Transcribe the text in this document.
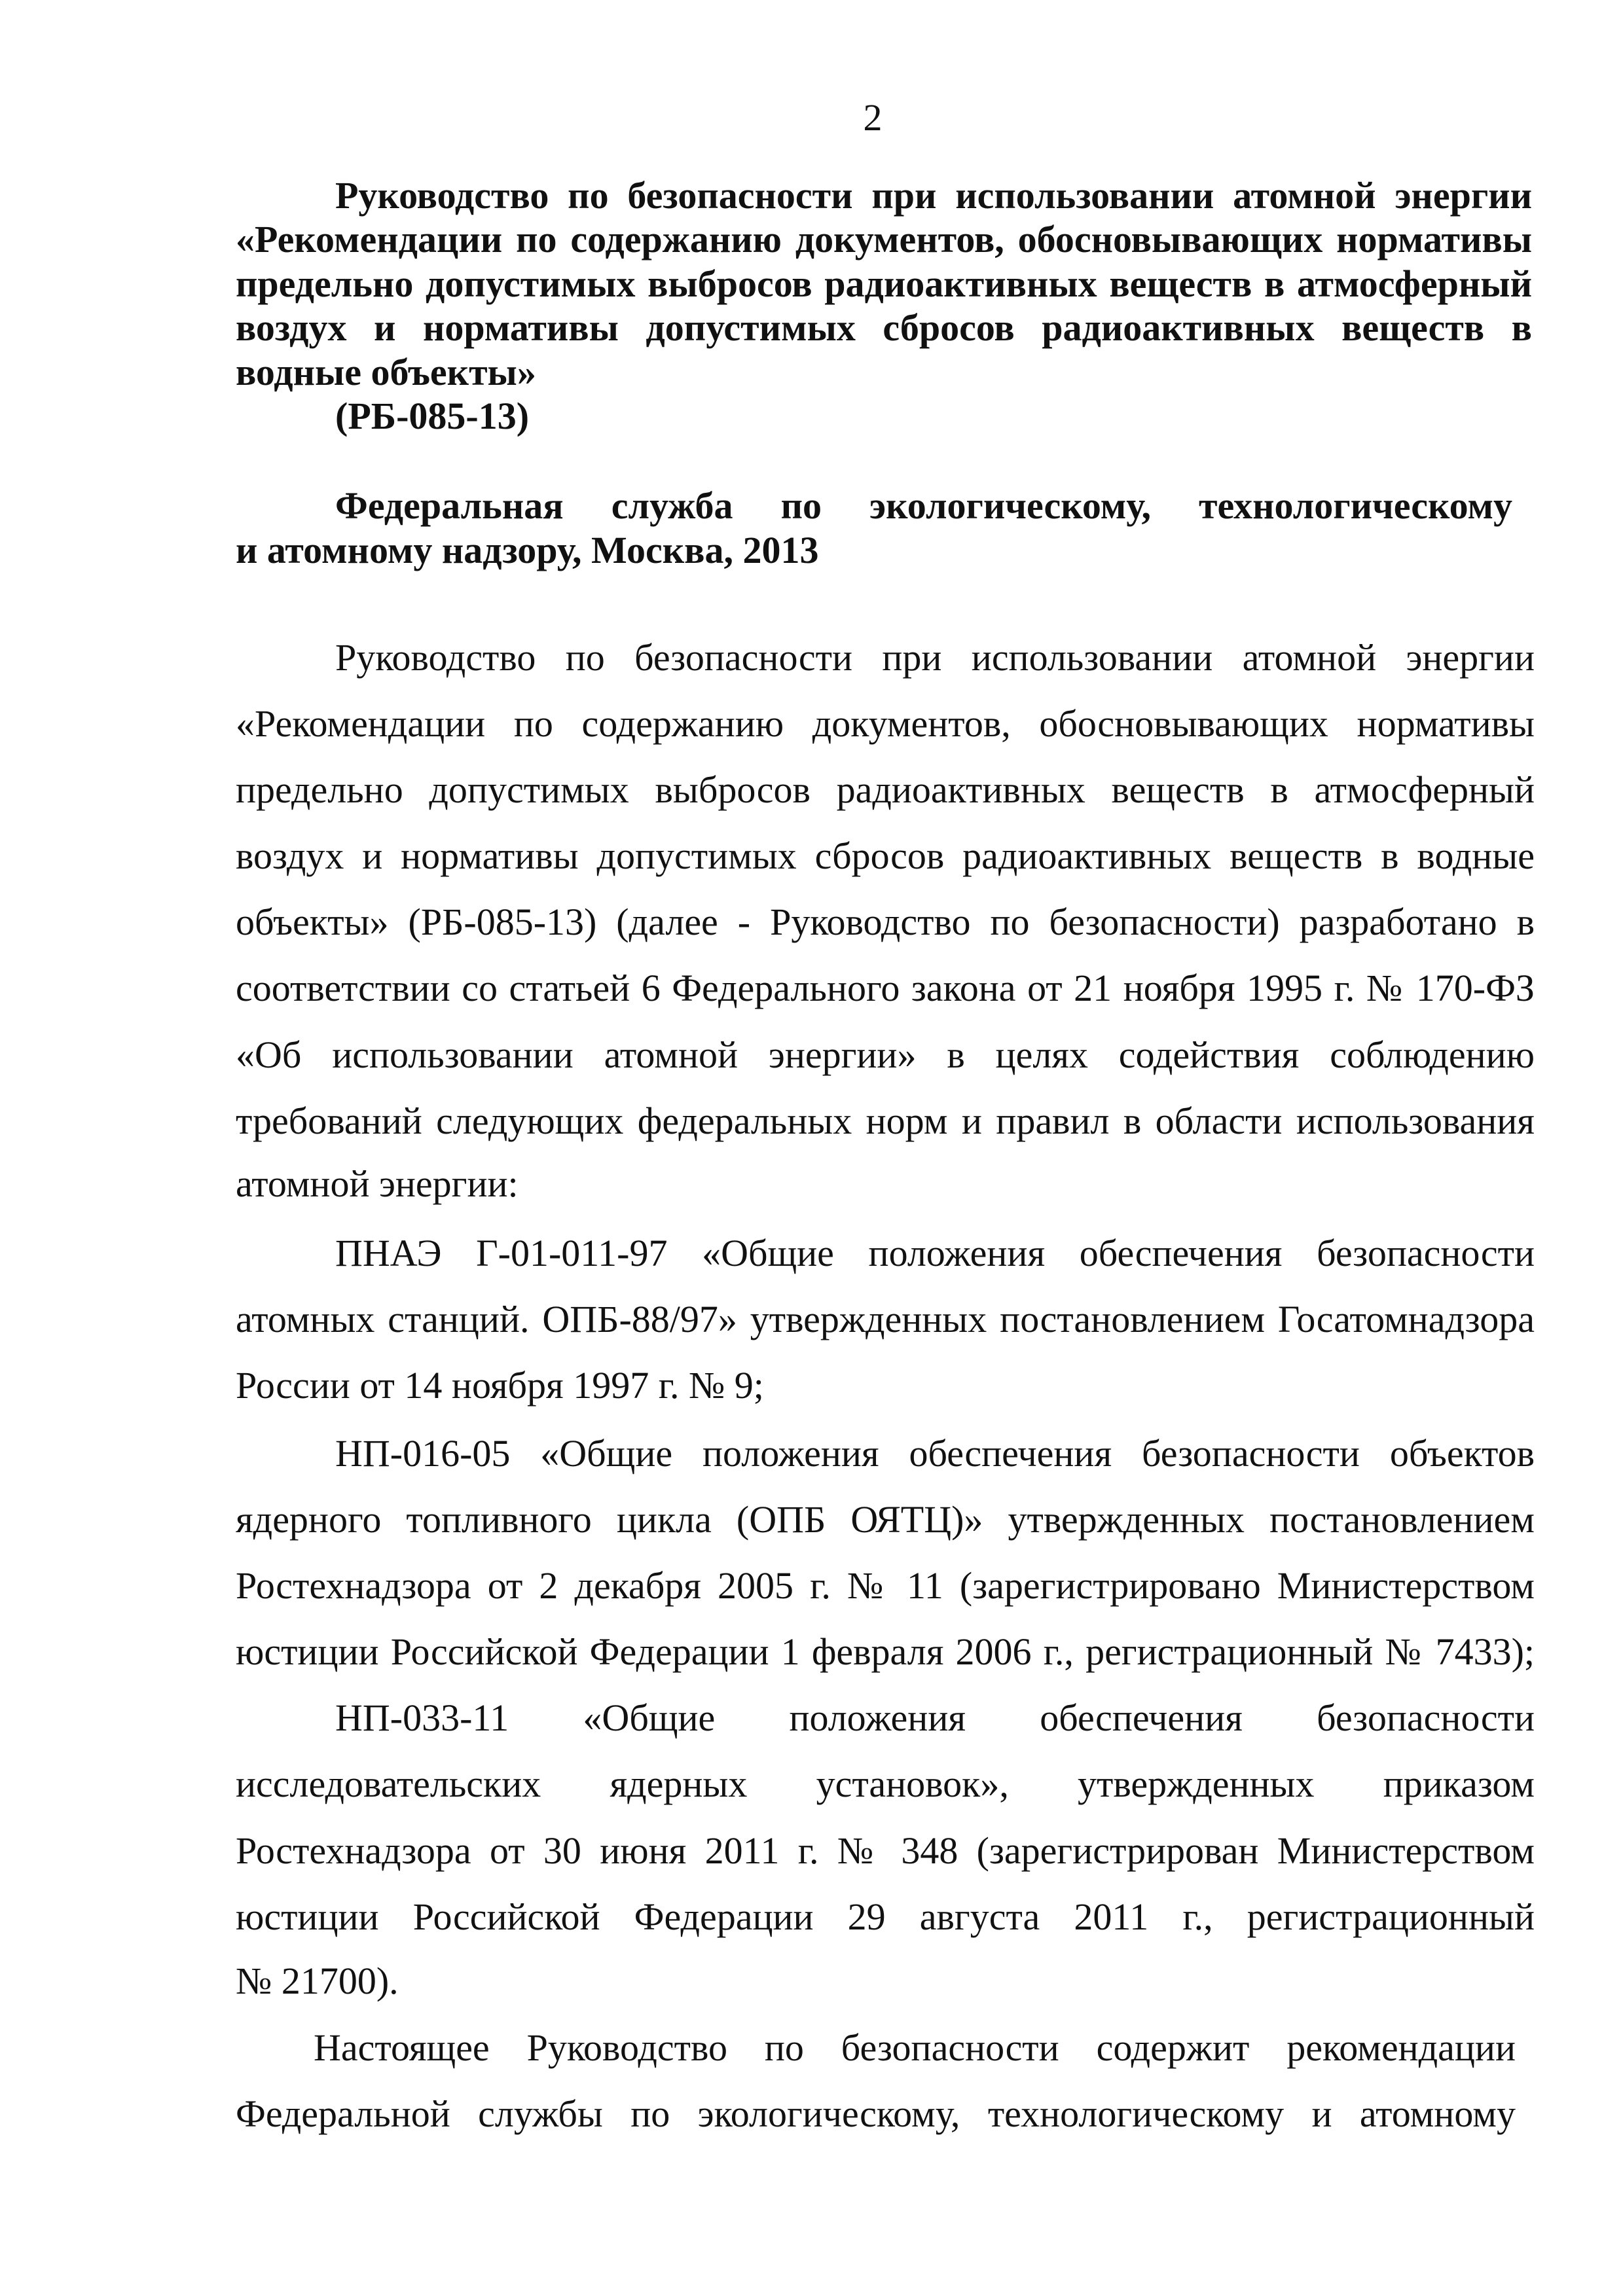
2
Руководство по безопасности при использовании атомной энергии
«Рекомендации по содержанию документов, обосновывающих нормативы
предельно допустимых выбросов радиоактивных веществ в атмосферный
воздух и нормативы допустимых сбросов радиоактивных веществ в
водные объекты»
(РБ-085-13)
Федеральная служба по экологическому, технологическому
и атомному надзору, Москва, 2013
Руководство по безопасности при использовании атомной энергии
«Рекомендации по содержанию документов, обосновывающих нормативы
предельно допустимых выбросов радиоактивных веществ в атмосферный
воздух и нормативы допустимых сбросов радиоактивных веществ в водные
объекты» (РБ-085-13) (далее - Руководство по безопасности) разработано в
соответствии со статьей 6 Федерального закона от 21 ноября 1995 г. № 170-ФЗ
«Об использовании атомной энергии» в целях содействия соблюдению
требований следующих федеральных норм и правил в области использования
атомной энергии:
ПНАЭ Г-01-011-97 «Общие положения обеспечения безопасности
атомных станций. ОПБ-88/97» утвержденных постановлением Госатомнадзора
России от 14 ноября 1997 г. № 9;
НП-016-05 «Общие положения обеспечения безопасности объектов
ядерного топливного цикла (ОПБ ОЯТЦ)» утвержденных постановлением
Ростехнадзора от 2 декабря 2005 г. № 11 (зарегистрировано Министерством
юстиции Российской Федерации 1 февраля 2006 г., регистрационный № 7433);
НП-033-11 «Общие положения обеспечения безопасности
исследовательских ядерных установок», утвержденных приказом
Ростехнадзора от 30 июня 2011 г. № 348 (зарегистрирован Министерством
юстиции Российской Федерации 29 августа 2011 г., регистрационный
№ 21700).
Настоящее Руководство по безопасности содержит рекомендации
Федеральной службы по экологическому, технологическому и атомному
